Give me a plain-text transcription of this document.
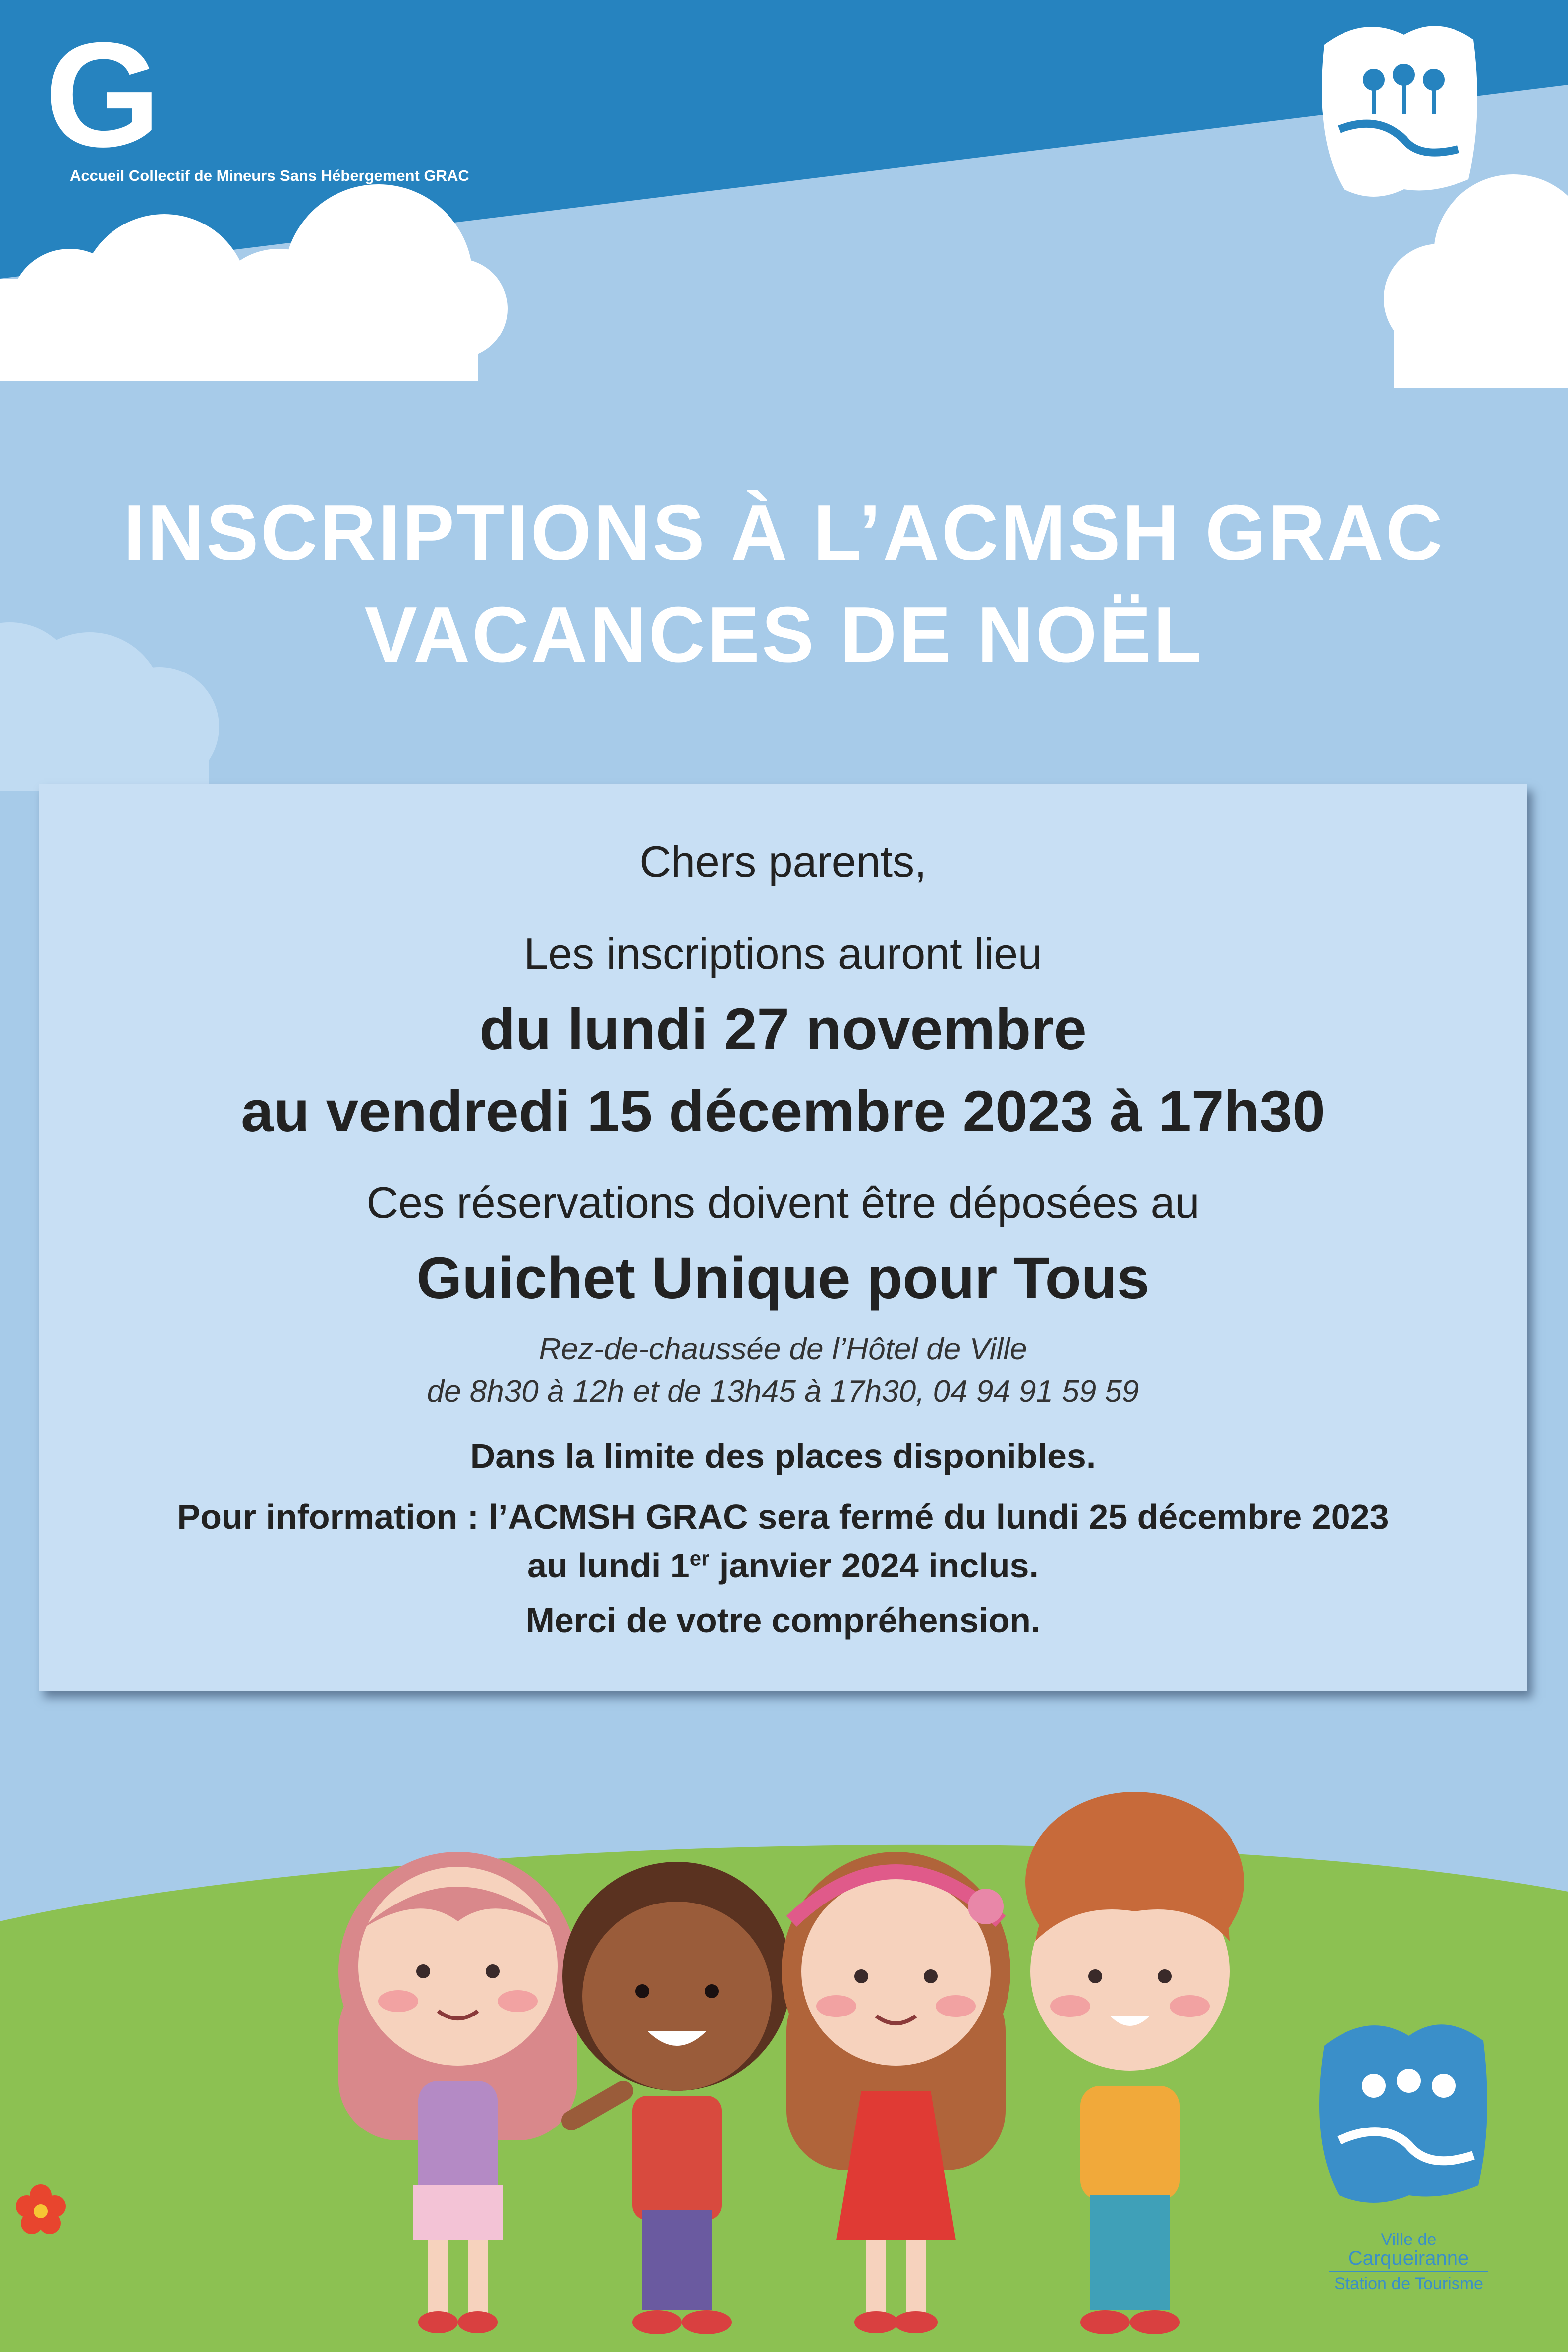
G
Accueil Collectif de Mineurs Sans Hébergement GRAC
INSCRIPTIONS À L’ACMSH GRAC
VACANCES DE NOËL
Chers parents,
Les inscriptions auront lieu
du lundi 27 novembre
au vendredi 15 décembre 2023 à 17h30
Ces réservations doivent être déposées au
Guichet Unique pour Tous
Rez-de-chaussée de l’Hôtel de Ville
de 8h30 à 12h et de 13h45 à 17h30, 04 94 91 59 59
Dans la limite des places disponibles.
Pour information : l’ACMSH GRAC sera fermé du lundi 25 décembre 2023
au lundi 1er janvier 2024 inclus.
Merci de votre compréhension.
Ville de
Carqueiranne
Station de Tourisme
